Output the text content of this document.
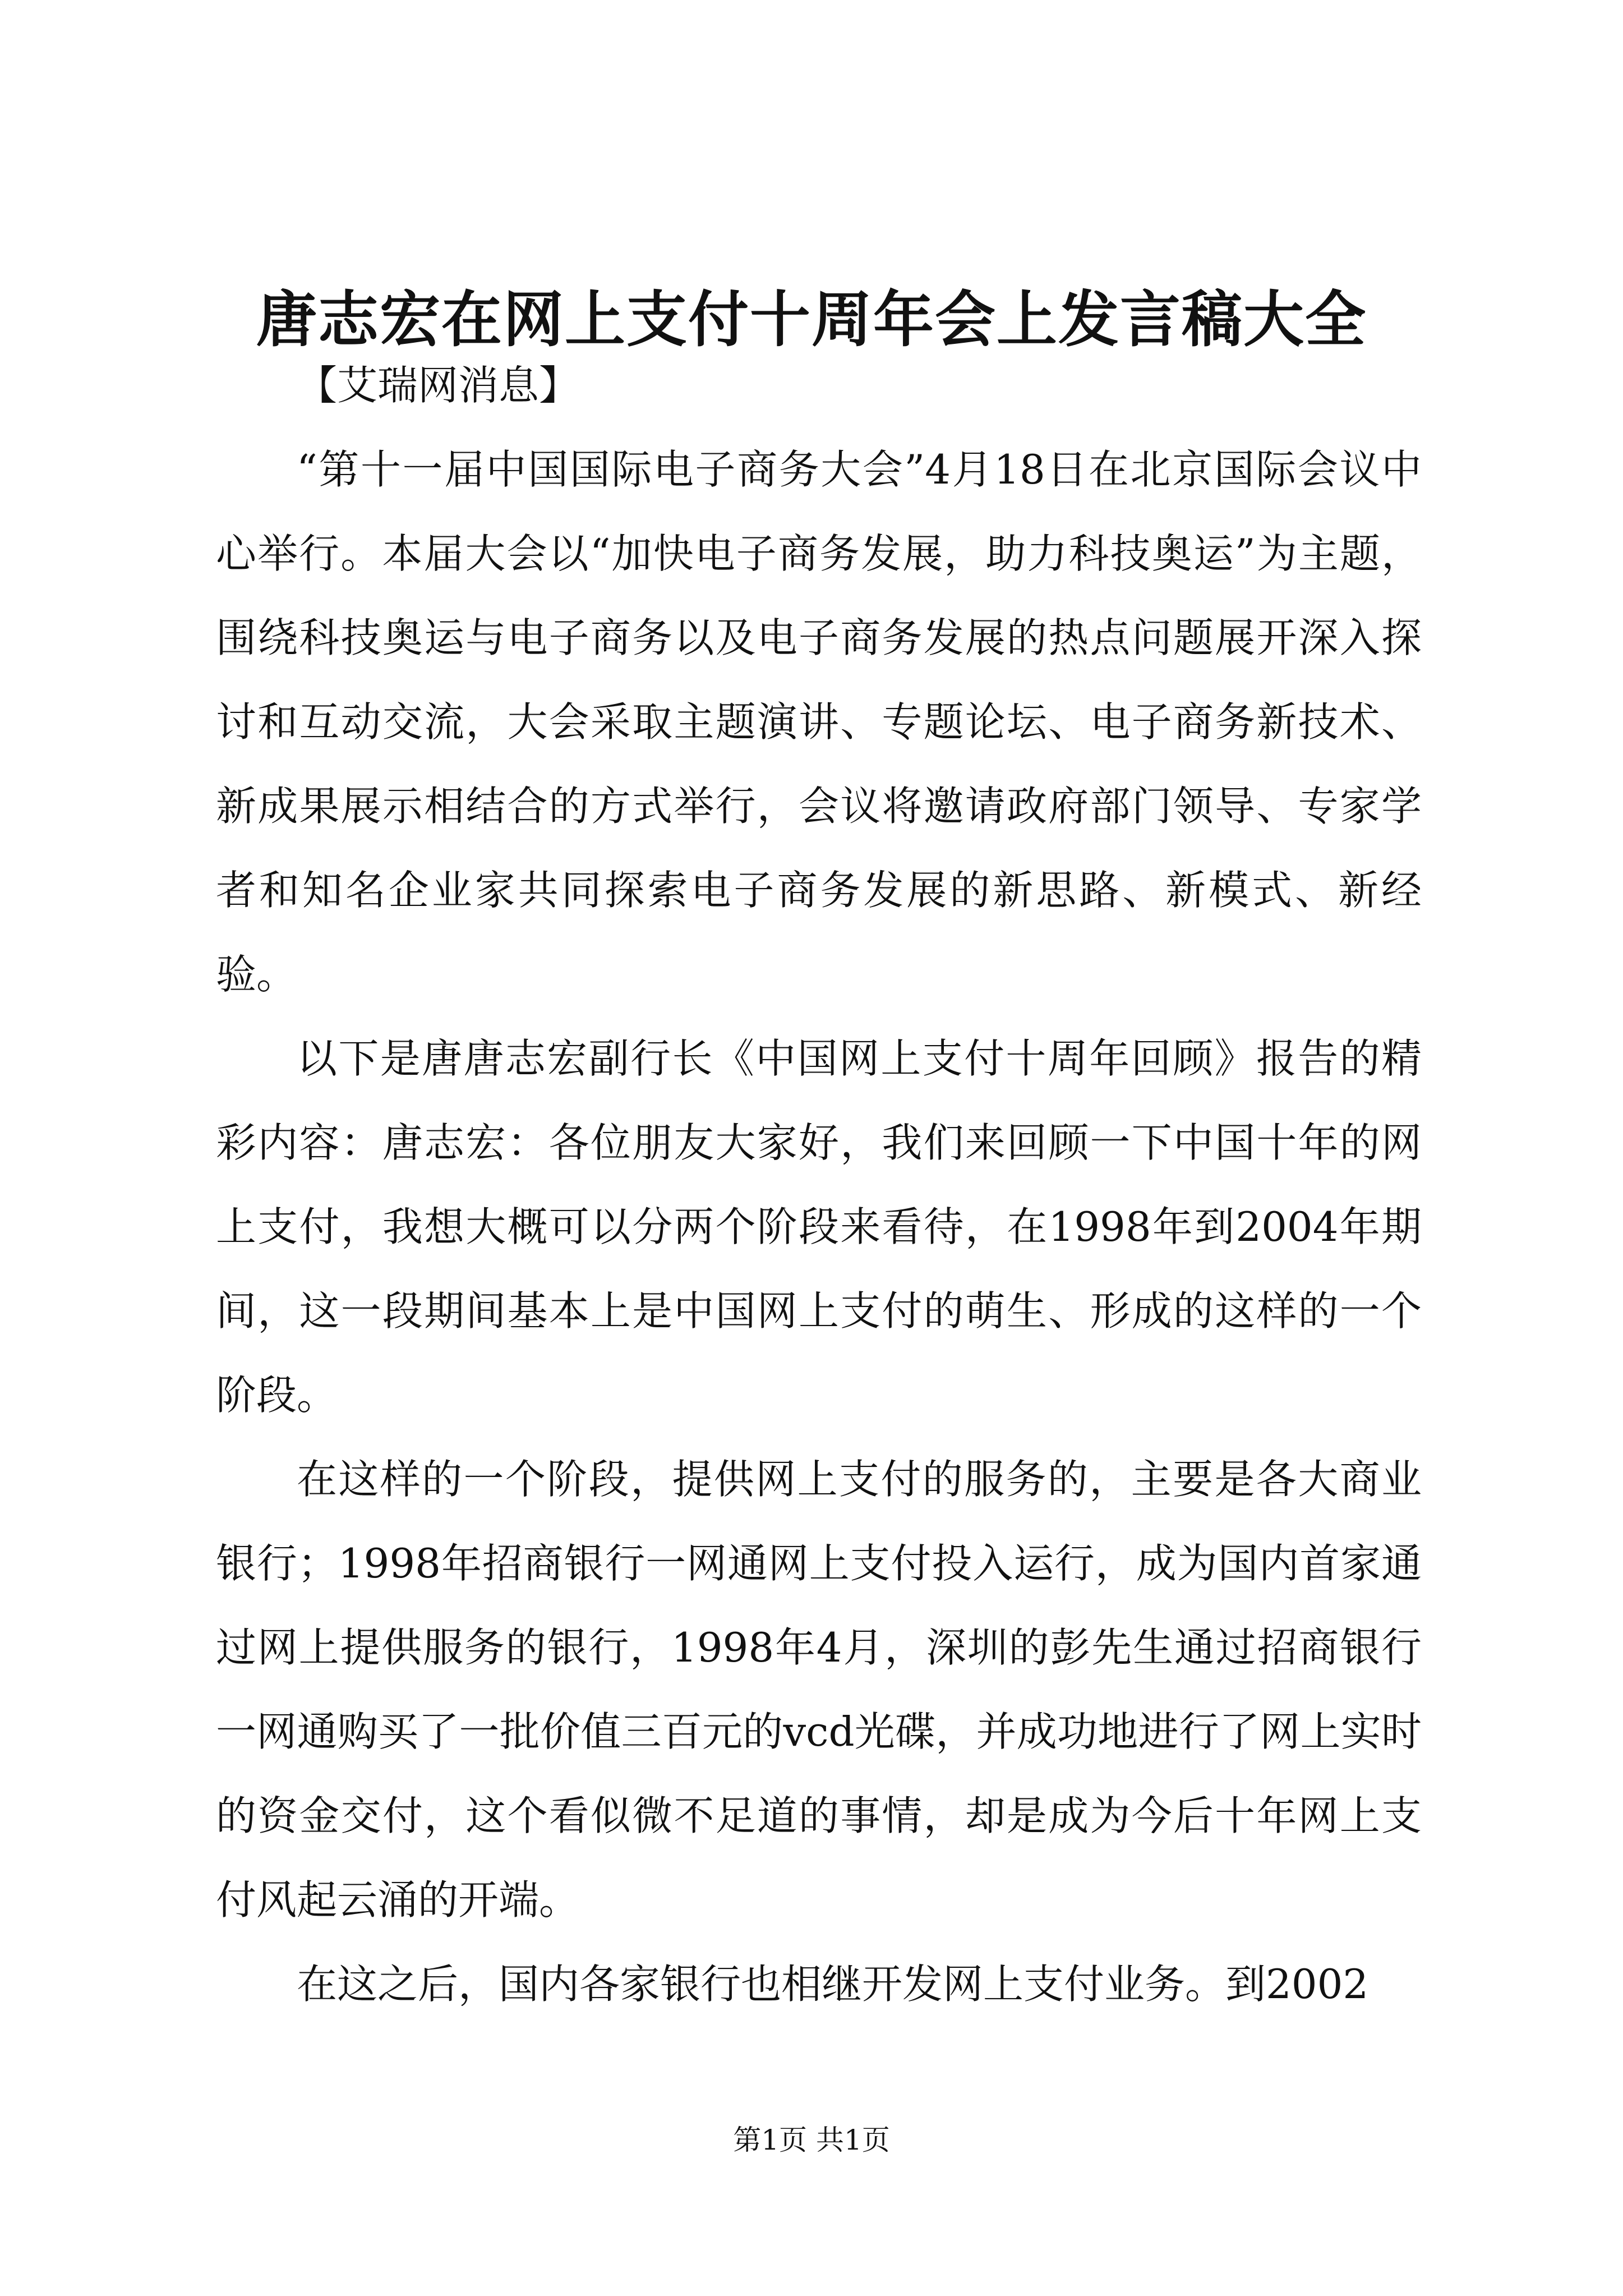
唐志宏在网上支付十周年会上发言稿大全

【艾瑞网消息】

“第十一届中国国际电子商务大会”4月18日在北京国际会议中心举行。本届大会以“加快电子商务发展，助力科技奥运”为主题，围绕科技奥运与电子商务以及电子商务发展的热点问题展开深入探讨和互动交流，大会采取主题演讲、专题论坛、电子商务新技术、新成果展示相结合的方式举行，会议将邀请政府部门领导、专家学者和知名企业家共同探索电子商务发展的新思路、新模式、新经验。

以下是唐唐志宏副行长《中国网上支付十周年回顾》报告的精彩内容：唐志宏：各位朋友大家好，我们来回顾一下中国十年的网上支付，我想大概可以分两个阶段来看待，在1998年到2004年期间，这一段期间基本上是中国网上支付的萌生、形成的这样的一个阶段。

在这样的一个阶段，提供网上支付的服务的，主要是各大商业银行；1998年招商银行一网通网上支付投入运行，成为国内首家通过网上提供服务的银行，1998年4月，深圳的彭先生通过招商银行一网通购买了一批价值三百元的vcd光碟，并成功地进行了网上实时的资金交付，这个看似微不足道的事情，却是成为今后十年网上支付风起云涌的开端。

在这之后，国内各家银行也相继开发网上支付业务。到2002

第1页 共1页
